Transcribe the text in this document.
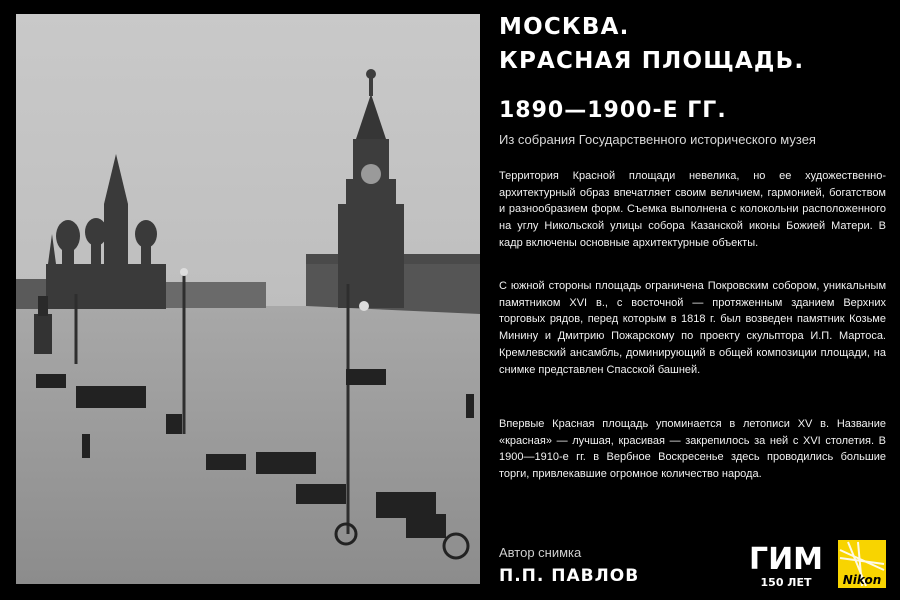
МОСКВА.
КРАСНАЯ ПЛОЩАДЬ.
1890—1900-Е ГГ.
Из собрания Государственного исторического музея

Территория Красной площади невелика, но ее художественно-архитектурный образ впечатляет своим величием, гармонией, богатством и разнообразием форм. Съемка выполнена с колокольни расположенного на углу Никольской улицы собора Казанской иконы Божией Матери. В кадр включены основные архитектурные объекты.

С южной стороны площадь ограничена Покровским собором, уникальным памятником XVI в., с восточной — протяженным зданием Верхних торговых рядов, перед которым в 1818 г. был возведен памятник Козьме Минину и Дмитрию Пожарскому по проекту скульптора И.П. Мартоса. Кремлевский ансамбль, доминирующий в общей композиции площади, на снимке представлен Спасской башней.

Впервые Красная площадь упоминается в летописи XV в. Название «красная» — лучшая, красивая — закрепилось за ней с XVI столетия. В 1900—1910-е гг. в Вербное Воскресенье здесь проводились большие торги, привлекавшие огромное количество народа.

Автор снимка
П.П. ПАВЛОВ	ГИМ
150 ЛЕТ	Nikon
